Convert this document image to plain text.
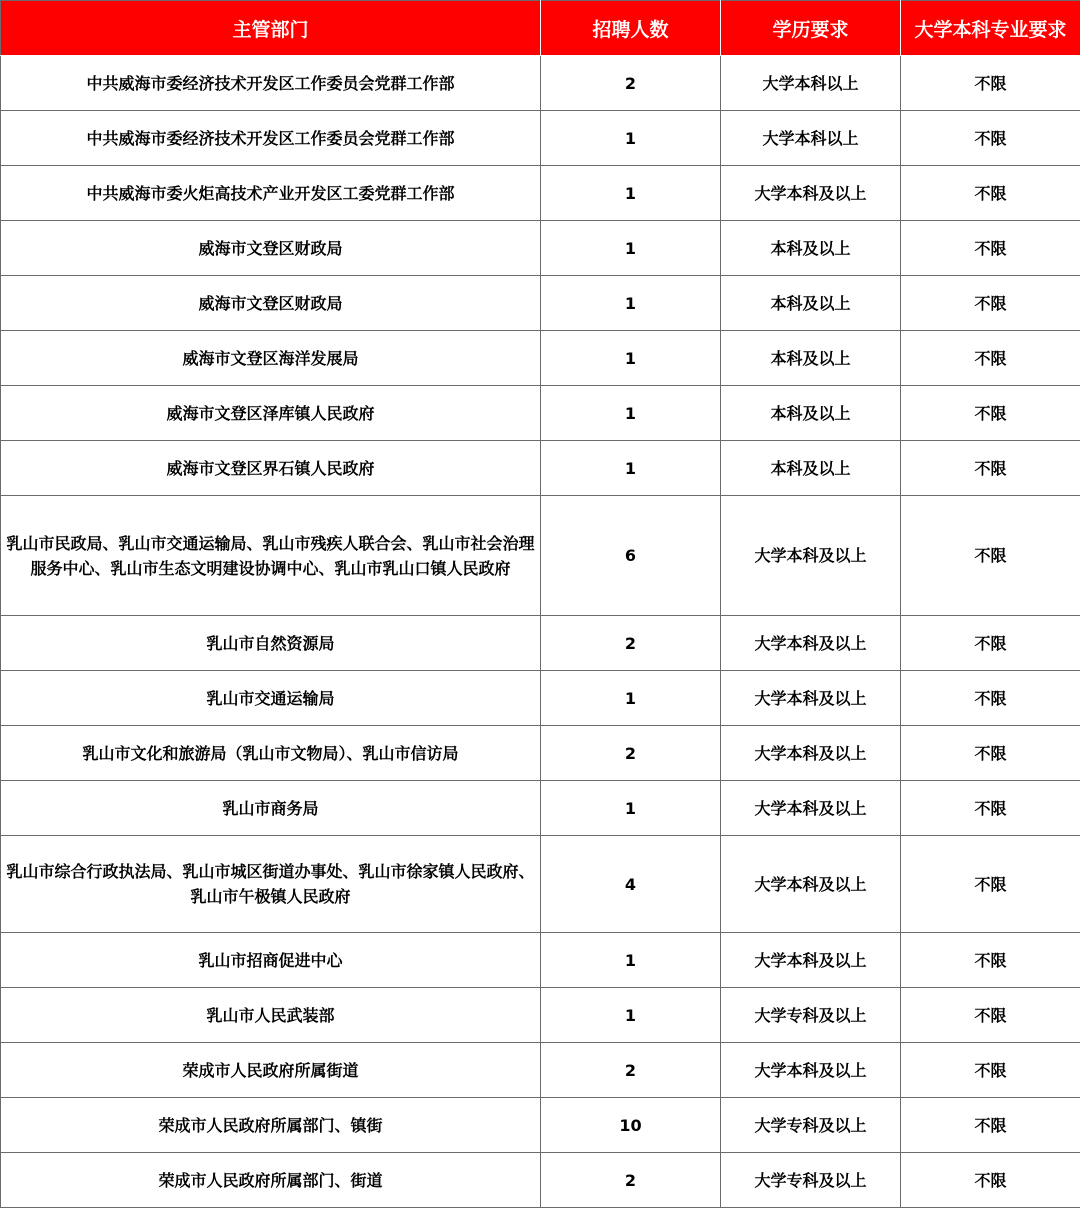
主管部门	招聘人数	学历要求	大学本科专业要求
中共威海市委经济技术开发区工作委员会党群工作部	2	大学本科以上	不限
中共威海市委经济技术开发区工作委员会党群工作部	1	大学本科以上	不限
中共威海市委火炬高技术产业开发区工委党群工作部	1	大学本科及以上	不限
威海市文登区财政局	1	本科及以上	不限
威海市文登区财政局	1	本科及以上	不限
威海市文登区海洋发展局	1	本科及以上	不限
威海市文登区泽库镇人民政府	1	本科及以上	不限
威海市文登区界石镇人民政府	1	本科及以上	不限
乳山市民政局、乳山市交通运输局、乳山市残疾人联合会、乳山市社会治理服务中心、乳山市生态文明建设协调中心、乳山市乳山口镇人民政府	6	大学本科及以上	不限
乳山市自然资源局	2	大学本科及以上	不限
乳山市交通运输局	1	大学本科及以上	不限
乳山市文化和旅游局（乳山市文物局）、乳山市信访局	2	大学本科及以上	不限
乳山市商务局	1	大学本科及以上	不限
乳山市综合行政执法局、乳山市城区街道办事处、乳山市徐家镇人民政府、乳山市午极镇人民政府	4	大学本科及以上	不限
乳山市招商促进中心	1	大学本科及以上	不限
乳山市人民武装部	1	大学专科及以上	不限
荣成市人民政府所属街道	2	大学本科及以上	不限
荣成市人民政府所属部门、镇街	10	大学专科及以上	不限
荣成市人民政府所属部门、街道	2	大学专科及以上	不限
